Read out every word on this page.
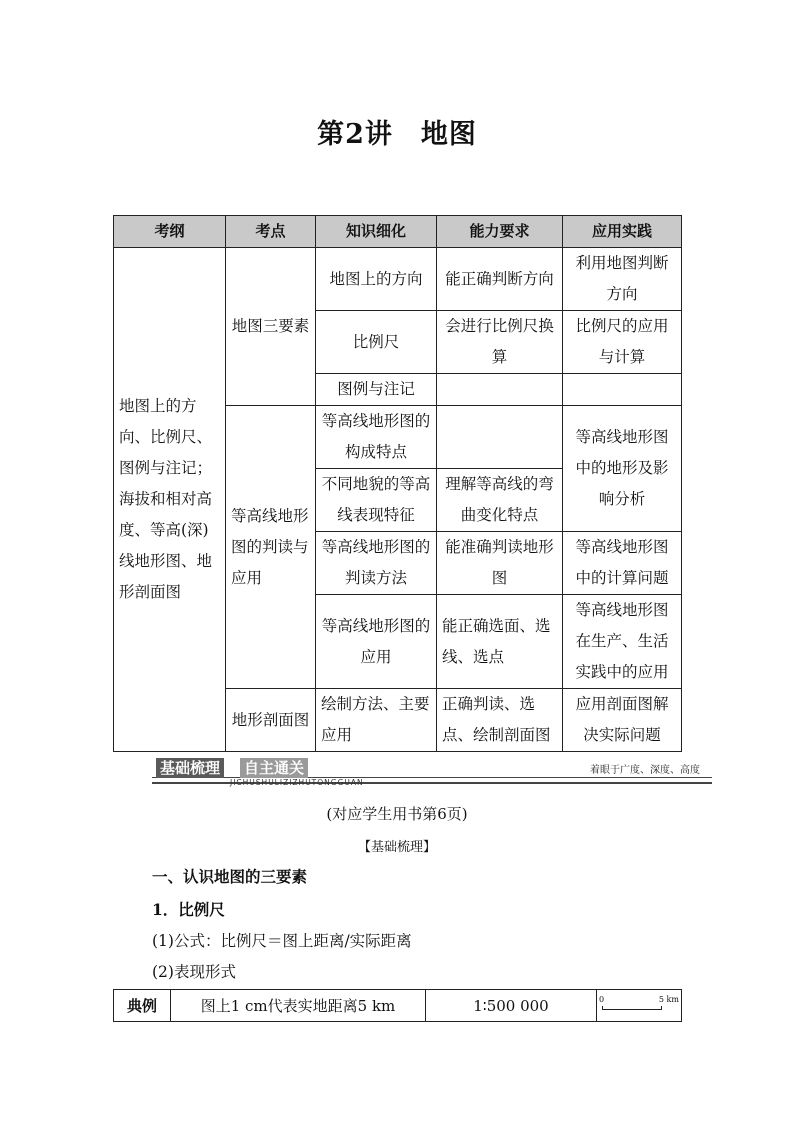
第2讲　地图
考纲	考点	知识细化	能力要求	应用实践
地图上的方向、比例尺、图例与注记；海拔和相对高度、等高(深)线地形图、地形剖面图	地图三要素	地图上的方向	能正确判断方向	利用地图判断方向
		比例尺	会进行比例尺换算	比例尺的应用与计算
		图例与注记		
	等高线地形图的判读与应用	等高线地形图的构成特点		等高线地形图中的地形及影响分析
		不同地貌的等高线表现特征	理解等高线的弯曲变化特点	
		等高线地形图的判读方法	能准确判读地形图	等高线地形图中的计算问题
		等高线地形图的应用	能正确选面、选线、选点	等高线地形图在生产、生活实践中的应用
	地形剖面图	绘制方法、主要应用	正确判读、选点、绘制剖面图	应用剖面图解决实际问题
基础梳理 自主通关
JICHUSHULIZIZHUTONGGUAN
着眼于广度、深度、高度
(对应学生用书第6页)
【基础梳理】
一、认识地图的三要素
1．比例尺
(1)公式：比例尺＝图上距离/实际距离
(2)表现形式
典例	图上1 cm代表实地距离5 km	1∶500 000	0	5 km
